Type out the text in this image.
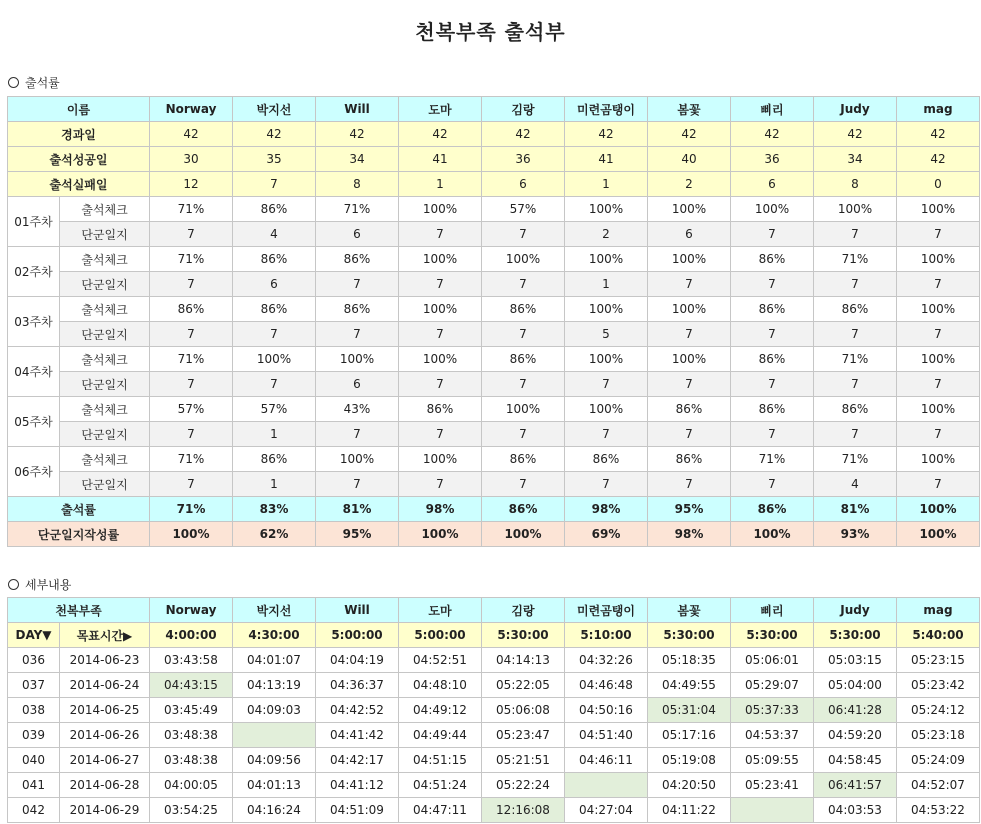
천복부족 출석부
출석률
이름		Norway	박지선	Will	도마	김랑	미련곰탱이	봄꽃	삐리	Judy	mag
경과일		42	42	42	42	42	42	42	42	42	42
출석성공일		30	35	34	41	36	41	40	36	34	42
출석실패일		12	7	8	1	6	1	2	6	8	0
01주차	출석체크	71%	86%	71%	100%	57%	100%	100%	100%	100%	100%
	단군일지	7	4	6	7	7	2	6	7	7	7
02주차	출석체크	71%	86%	86%	100%	100%	100%	100%	86%	71%	100%
	단군일지	7	6	7	7	7	1	7	7	7	7
03주차	출석체크	86%	86%	86%	100%	86%	100%	100%	86%	86%	100%
	단군일지	7	7	7	7	7	5	7	7	7	7
04주차	출석체크	71%	100%	100%	100%	86%	100%	100%	86%	71%	100%
	단군일지	7	7	6	7	7	7	7	7	7	7
05주차	출석체크	57%	57%	43%	86%	100%	100%	86%	86%	86%	100%
	단군일지	7	1	7	7	7	7	7	7	7	7
06주차	출석체크	71%	86%	100%	100%	86%	86%	86%	71%	71%	100%
	단군일지	7	1	7	7	7	7	7	7	4	7
출석률		71%	83%	81%	98%	86%	98%	95%	86%	81%	100%
단군일지작성률		100%	62%	95%	100%	100%	69%	98%	100%	93%	100%
세부내용
천복부족		Norway	박지선	Will	도마	김랑	미련곰탱이	봄꽃	삐리	Judy	mag
DAY▼	목표시간▶	4:00:00	4:30:00	5:00:00	5:00:00	5:30:00	5:10:00	5:30:00	5:30:00	5:30:00	5:40:00
036	2014-06-23	03:43:58	04:01:07	04:04:19	04:52:51	04:14:13	04:32:26	05:18:35	05:06:01	05:03:15	05:23:15
037	2014-06-24	04:43:15	04:13:19	04:36:37	04:48:10	05:22:05	04:46:48	04:49:55	05:29:07	05:04:00	05:23:42
038	2014-06-25	03:45:49	04:09:03	04:42:52	04:49:12	05:06:08	04:50:16	05:31:04	05:37:33	06:41:28	05:24:12
039	2014-06-26	03:48:38		04:41:42	04:49:44	05:23:47	04:51:40	05:17:16	04:53:37	04:59:20	05:23:18
040	2014-06-27	03:48:38	04:09:56	04:42:17	04:51:15	05:21:51	04:46:11	05:19:08	05:09:55	04:58:45	05:24:09
041	2014-06-28	04:00:05	04:01:13	04:41:12	04:51:24	05:22:24		04:20:50	05:23:41	06:41:57	04:52:07
042	2014-06-29	03:54:25	04:16:24	04:51:09	04:47:11	12:16:08	04:27:04	04:11:22		04:03:53	04:53:22
